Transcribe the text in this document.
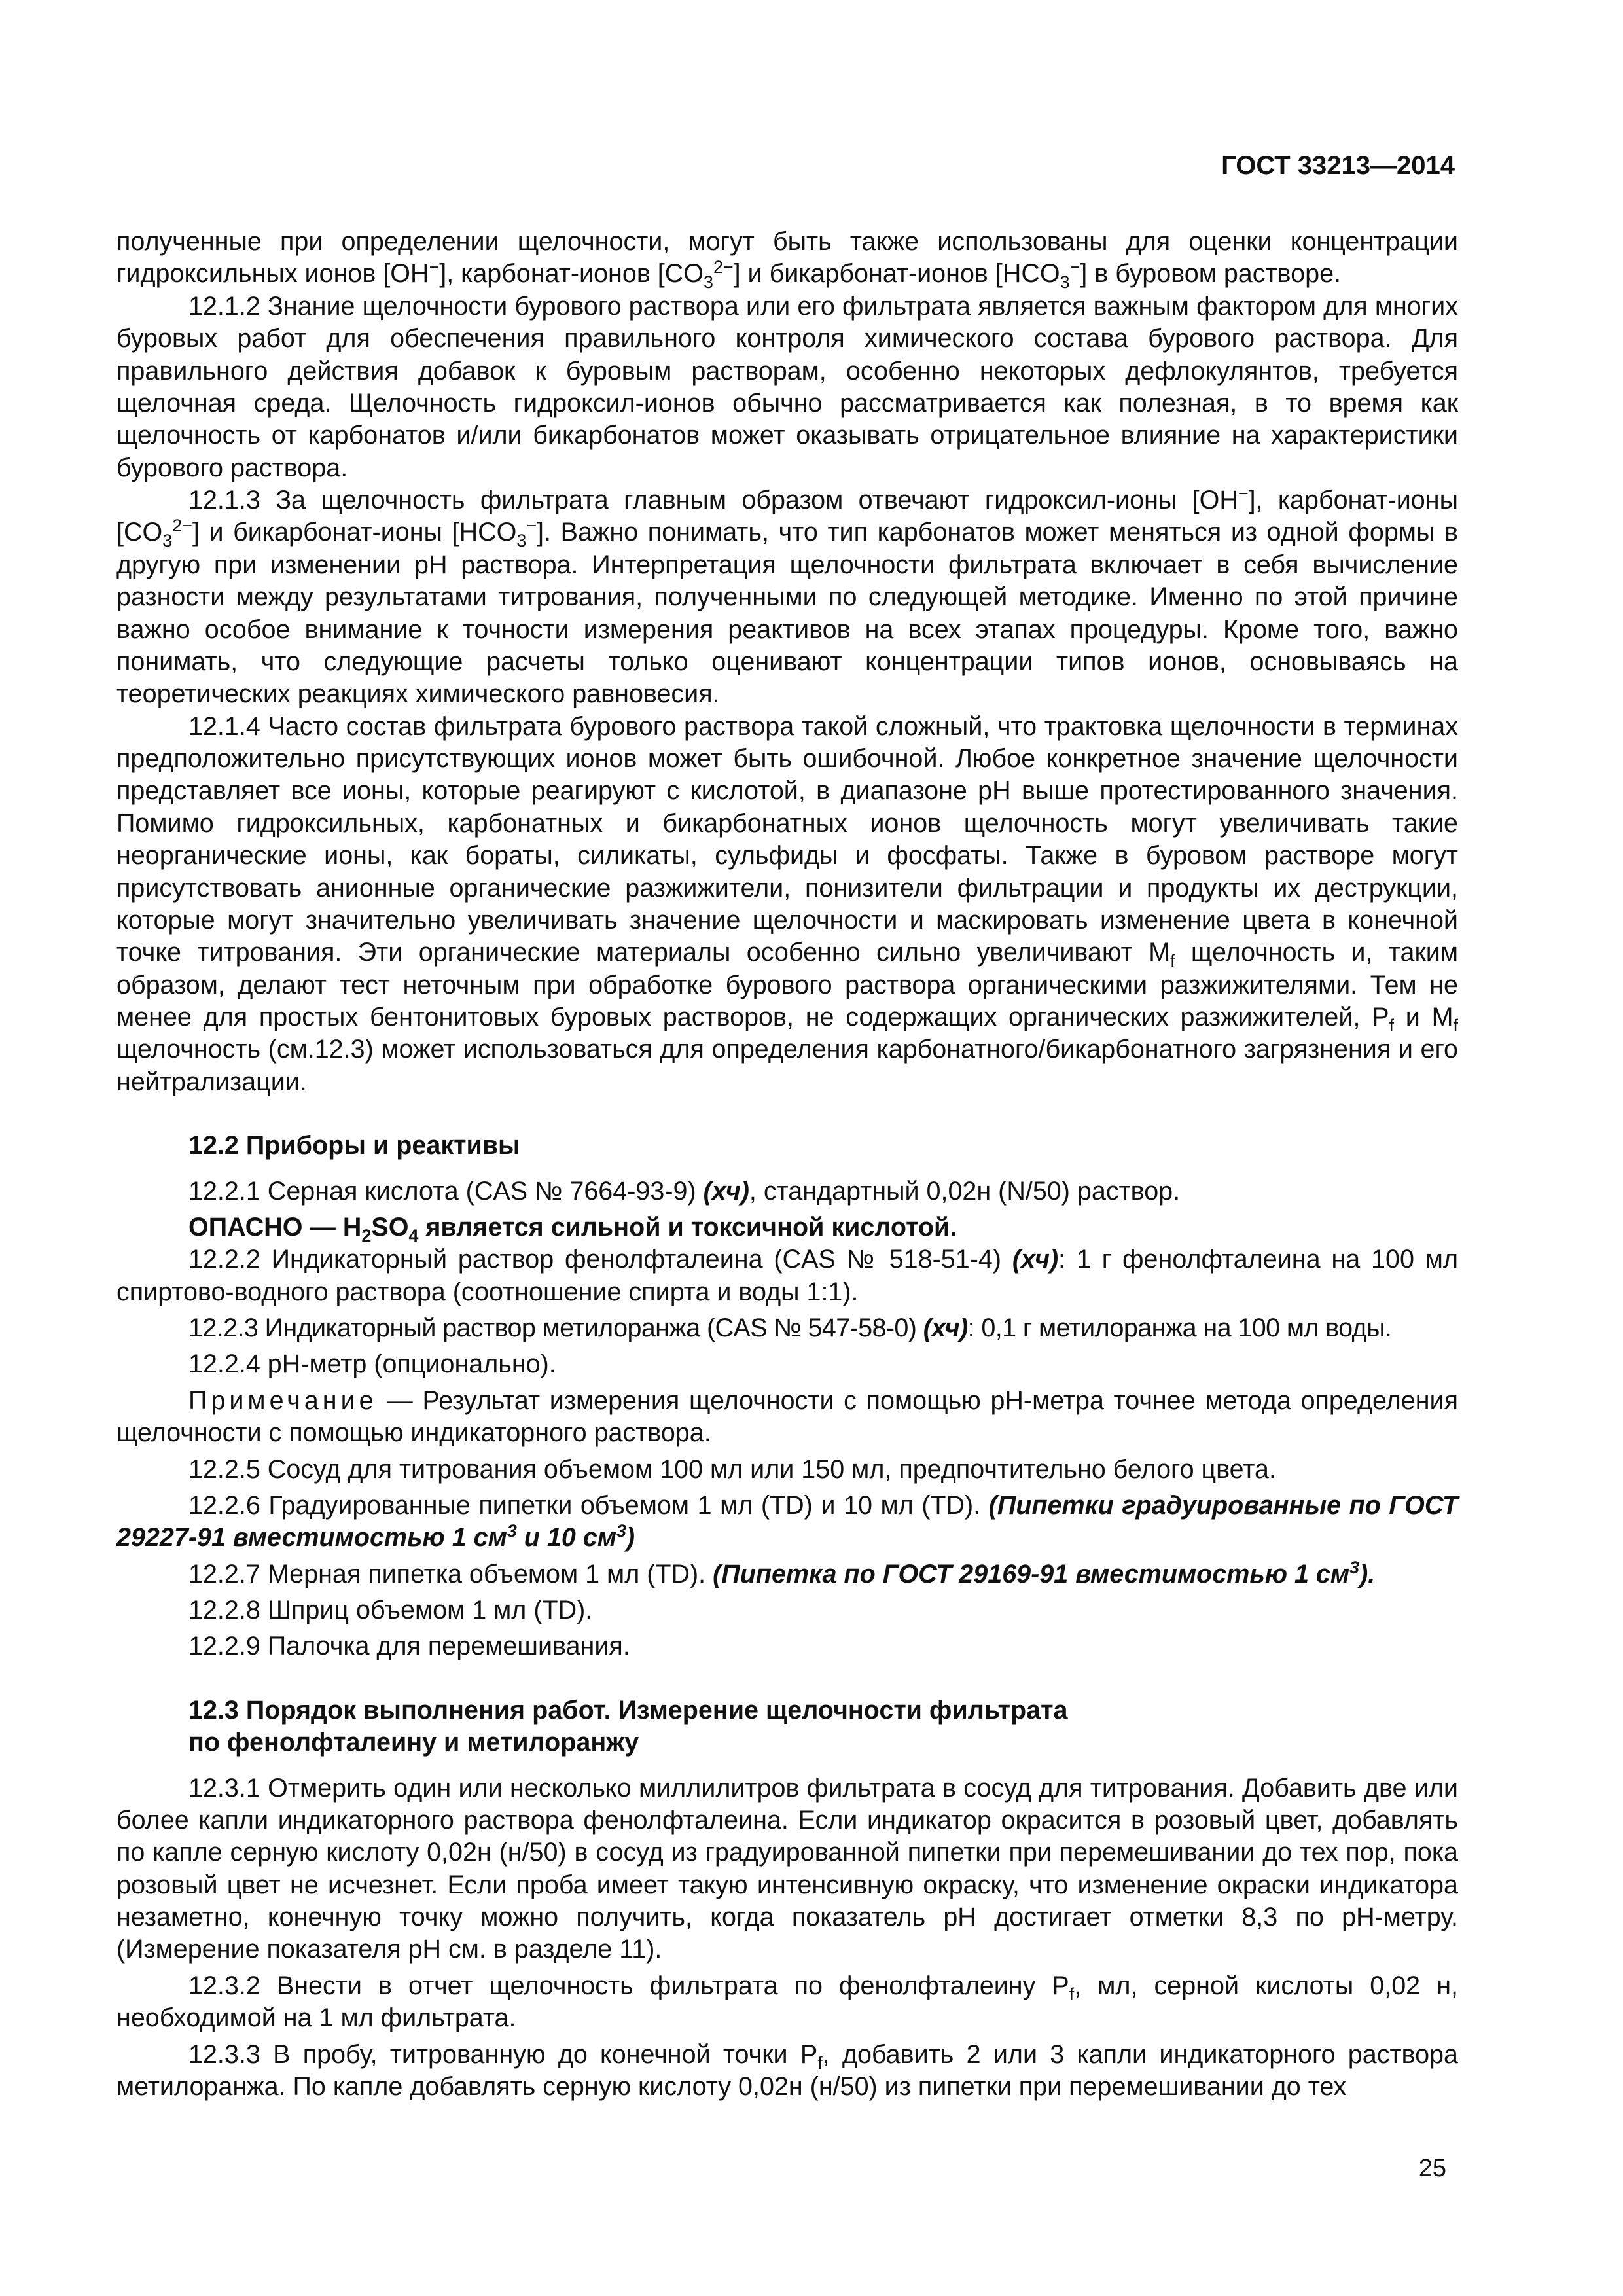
ГОСТ 33213—2014

полученные при определении щелочности, могут быть также использованы для оценки концентрации гидроксильных ионов [OH−], карбонат-ионов $[CO_3^{2-}]$ и бикарбонат-ионов $[HCO_3^-]$ в буровом растворе.

12.1.2 Знание щелочности бурового раствора или его фильтрата является важным фактором для многих буровых работ для обеспечения правильного контроля химического состава бурового раствора. Для правильного действия добавок к буровым растворам, особенно некоторых дефлокулянтов, требуется щелочная среда. Щелочность гидроксил-ионов обычно рассматривается как полезная, в то время как щелочность от карбонатов и/или бикарбонатов может оказывать отрицательное влияние на характеристики бурового раствора.

12.1.3 За щелочность фильтрата главным образом отвечают гидроксил-ионы [OH−], карбонат-ионы $[CO_3^{2-}]$ и бикарбонат-ионы $[HCO_3^-]$. Важно понимать, что тип карбонатов может меняться из одной формы в другую при изменении pH раствора. Интерпретация щелочности фильтрата включает в себя вычисление разности между результатами титрования, полученными по следующей методике. Именно по этой причине важно особое внимание к точности измерения реактивов на всех этапах процедуры. Кроме того, важно понимать, что следующие расчеты только оценивают концентрации типов ионов, основываясь на теоретических реакциях химического равновесия.

12.1.4 Часто состав фильтрата бурового раствора такой сложный, что трактовка щелочности в терминах предположительно присутствующих ионов может быть ошибочной. Любое конкретное значение щелочности представляет все ионы, которые реагируют с кислотой, в диапазоне pH выше протестированного значения. Помимо гидроксильных, карбонатных и бикарбонатных ионов щелочность могут увеличивать такие неорганические ионы, как бораты, силикаты, сульфиды и фосфаты. Также в буровом растворе могут присутствовать анионные органические разжижители, понизители фильтрации и продукты их деструкции, которые могут значительно увеличивать значение щелочности и маскировать изменение цвета в конечной точке титрования. Эти органические материалы особенно сильно увеличивают $M_f$ щелочность и, таким образом, делают тест неточным при обработке бурового раствора органическими разжижителями. Тем не менее для простых бентонитовых буровых растворов, не содержащих органических разжижителей, $P_f$ и $M_f$ щелочность (см.12.3) может использоваться для определения карбонатного/бикарбонатного загрязнения и его нейтрализации.

12.2 Приборы и реактивы

12.2.1 Серная кислота (CAS № 7664-93-9) (хч), стандартный 0,02н (N/50) раствор.

ОПАСНО — $H_2SO_4$ является сильной и токсичной кислотой.

12.2.2 Индикаторный раствор фенолфталеина (CAS № 518-51-4) (хч): 1 г фенолфталеина на 100 мл спиртово-водного раствора (соотношение спирта и воды 1:1).

12.2.3 Индикаторный раствор метилоранжа (CAS № 547-58-0) (хч): 0,1 г метилоранжа на 100 мл воды.

12.2.4 pH-метр (опционально).

Примечание — Результат измерения щелочности с помощью pH-метра точнее метода определения щелочности с помощью индикаторного раствора.

12.2.5 Сосуд для титрования объемом 100 мл или 150 мл, предпочтительно белого цвета.

12.2.6 Градуированные пипетки объемом 1 мл (TD) и 10 мл (TD). (Пипетки градуированные по ГОСТ 29227-91 вместимостью 1 $см^3$ и 10 $см^3$)

12.2.7 Мерная пипетка объемом 1 мл (TD). (Пипетка по ГОСТ 29169-91 вместимостью 1 $см^3$).

12.2.8 Шприц объемом 1 мл (TD).

12.2.9 Палочка для перемешивания.

12.3 Порядок выполнения работ. Измерение щелочности фильтрата
по фенолфталеину и метилоранжу

12.3.1 Отмерить один или несколько миллилитров фильтрата в сосуд для титрования. Добавить две или более капли индикаторного раствора фенолфталеина. Если индикатор окрасится в розовый цвет, добавлять по капле серную кислоту 0,02н (н/50) в сосуд из градуированной пипетки при перемешивании до тех пор, пока розовый цвет не исчезнет. Если проба имеет такую интенсивную окраску, что изменение окраски индикатора незаметно, конечную точку можно получить, когда показатель pH достигает отметки 8,3 по pH-метру. (Измерение показателя pH см. в разделе 11).

12.3.2 Внести в отчет щелочность фильтрата по фенолфталеину $P_f$, мл, серной кислоты 0,02 н, необходимой на 1 мл фильтрата.

12.3.3 В пробу, титрованную до конечной точки $P_f$, добавить 2 или 3 капли индикаторного раствора метилоранжа. По капле добавлять серную кислоту 0,02н (н/50) из пипетки при перемешивании до тех

25
